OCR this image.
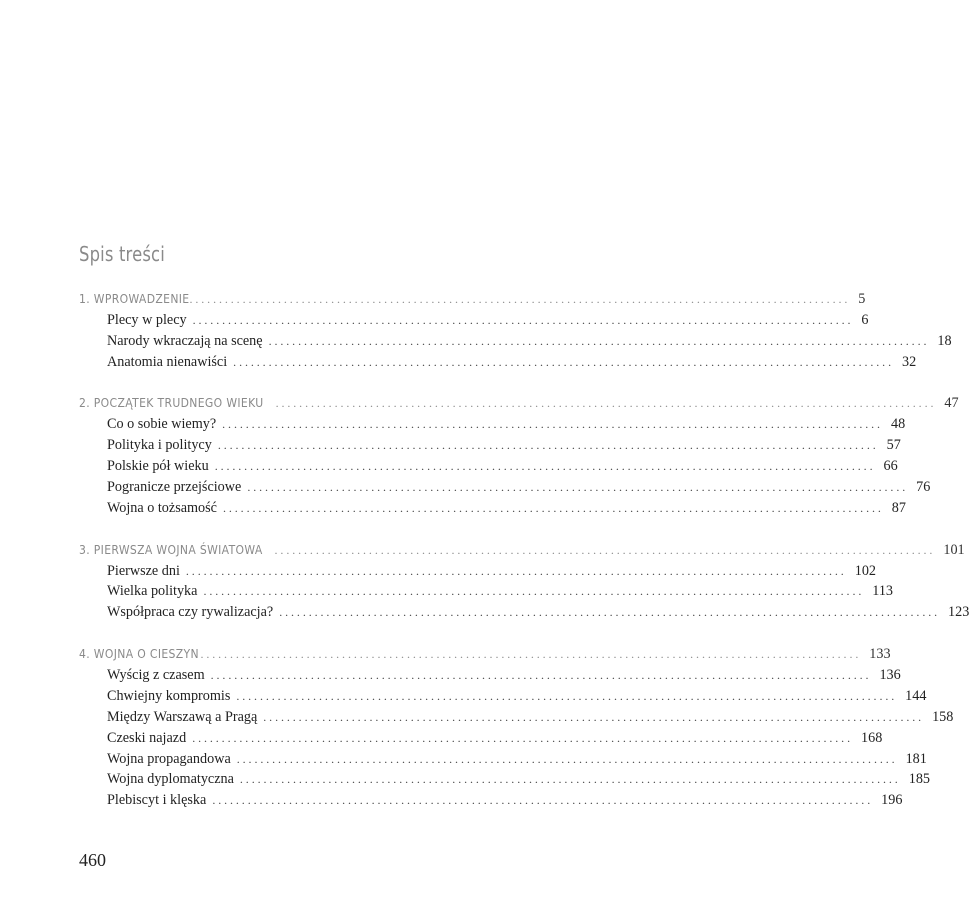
Spis treści
1. WPROWADZENIE ................................................................................................................ 5
Plecy w plecy ................................................................................................................ 6
Narody wkraczają na scenę ................................................................................................................ 18
Anatomia nienawiści ................................................................................................................ 32
2. POCZĄTEK TRUDNEGO WIEKU ................................................................................................................ 47
Co o sobie wiemy? ................................................................................................................ 48
Polityka i politycy ................................................................................................................ 57
Polskie pół wieku ................................................................................................................ 66
Pogranicze przejściowe ................................................................................................................ 76
Wojna o tożsamość ................................................................................................................ 87
3. PIERWSZA WOJNA ŚWIATOWA ................................................................................................................ 101
Pierwsze dni ................................................................................................................ 102
Wielka polityka ................................................................................................................ 113
Współpraca czy rywalizacja? ................................................................................................................ 123
4. WOJNA O CIESZYN ................................................................................................................ 133
Wyścig z czasem ................................................................................................................ 136
Chwiejny kompromis ................................................................................................................ 144
Między Warszawą a Pragą ................................................................................................................ 158
Czeski najazd ................................................................................................................ 168
Wojna propagandowa ................................................................................................................ 181
Wojna dyplomatyczna ................................................................................................................ 185
Plebiscyt i klęska ................................................................................................................ 196
460
